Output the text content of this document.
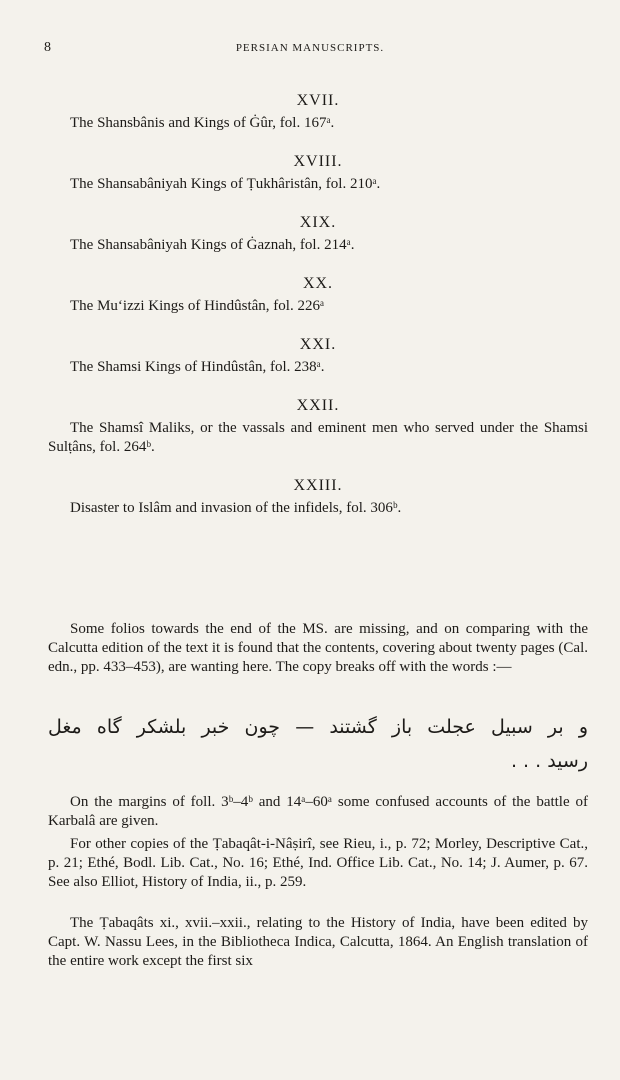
8	PERSIAN MANUSCRIPTS.
XVII.
The Shansbânis and Kings of Ġûr, fol. 167ᵃ.
XVIII.
The Shansabâniyah Kings of Ṭukhâristân, fol. 210ᵃ.
XIX.
The Shansabâniyah Kings of Ġaznah, fol. 214ᵃ.
XX.
The Mu‘izzi Kings of Hindûstân, fol. 226ᵃ
XXI.
The Shamsi Kings of Hindûstân, fol. 238ᵃ.
XXII.
The Shamsî Maliks, or the vassals and eminent men who served under the Shamsi Sulṭâns, fol. 264ᵇ.
XXIII.
Disaster to Islâm and invasion of the infidels, fol. 306ᵇ.
Some folios towards the end of the MS. are missing, and on comparing with the Calcutta edition of the text it is found that the contents, covering about twenty pages (Cal. edn., pp. 433–453), are wanting here. The copy breaks off with the words :—
و بر سبیل عجلت باز گشتند — چون خبر بلشکر گاه مغل
رسید . . .
On the margins of foll. 3ᵇ–4ᵇ and 14ᵃ–60ᵃ some confused accounts of the battle of Karbalâ are given.
For other copies of the Ṭabaqât-i-Nâṣirî, see Rieu, i., p. 72; Morley, Descriptive Cat., p. 21; Ethé, Bodl. Lib. Cat., No. 16; Ethé, Ind. Office Lib. Cat., No. 14; J. Aumer, p. 67. See also Elliot, History of India, ii., p. 259.
The Ṭabaqâts xi., xvii.–xxii., relating to the History of India, have been edited by Capt. W. Nassu Lees, in the Bibliotheca Indica, Calcutta, 1864. An English translation of the entire work except the first six
